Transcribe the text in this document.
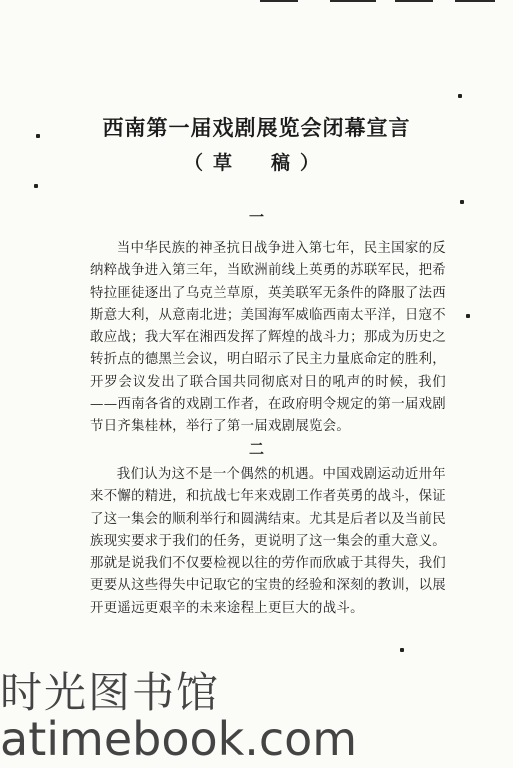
西南第一届戏剧展览会闭幕宣言
（草　稿）
一
当中华民族的神圣抗日战争进入第七年，民主国家的反纳粹战争进入第三年，当欧洲前线上英勇的苏联军民，把希特拉匪徒逐出了乌克兰草原，英美联军无条件的降服了法西斯意大利，从意南北进；美国海军威临西南太平洋，日寇不敢应战；我大军在湘西发挥了辉煌的战斗力；那成为历史之转折点的德黑兰会议，明白昭示了民主力量底命定的胜利，开罗会议发出了联合国共同彻底对日的吼声的时候，我们——西南各省的戏剧工作者，在政府明令规定的第一届戏剧节日齐集桂林，举行了第一届戏剧展览会。
二
我们认为这不是一个偶然的机遇。中国戏剧运动近卅年来不懈的精进，和抗战七年来戏剧工作者英勇的战斗，保证了这一集会的顺利举行和圆满结束。尤其是后者以及当前民族现实要求于我们的任务，更说明了这一集会的重大意义。那就是说我们不仅要检视以往的劳作而欣戚于其得失，我们更要从这些得失中记取它的宝贵的经验和深刻的教训，以展开更遥远更艰辛的未来途程上更巨大的战斗。
时光图书馆
atimebook.com
